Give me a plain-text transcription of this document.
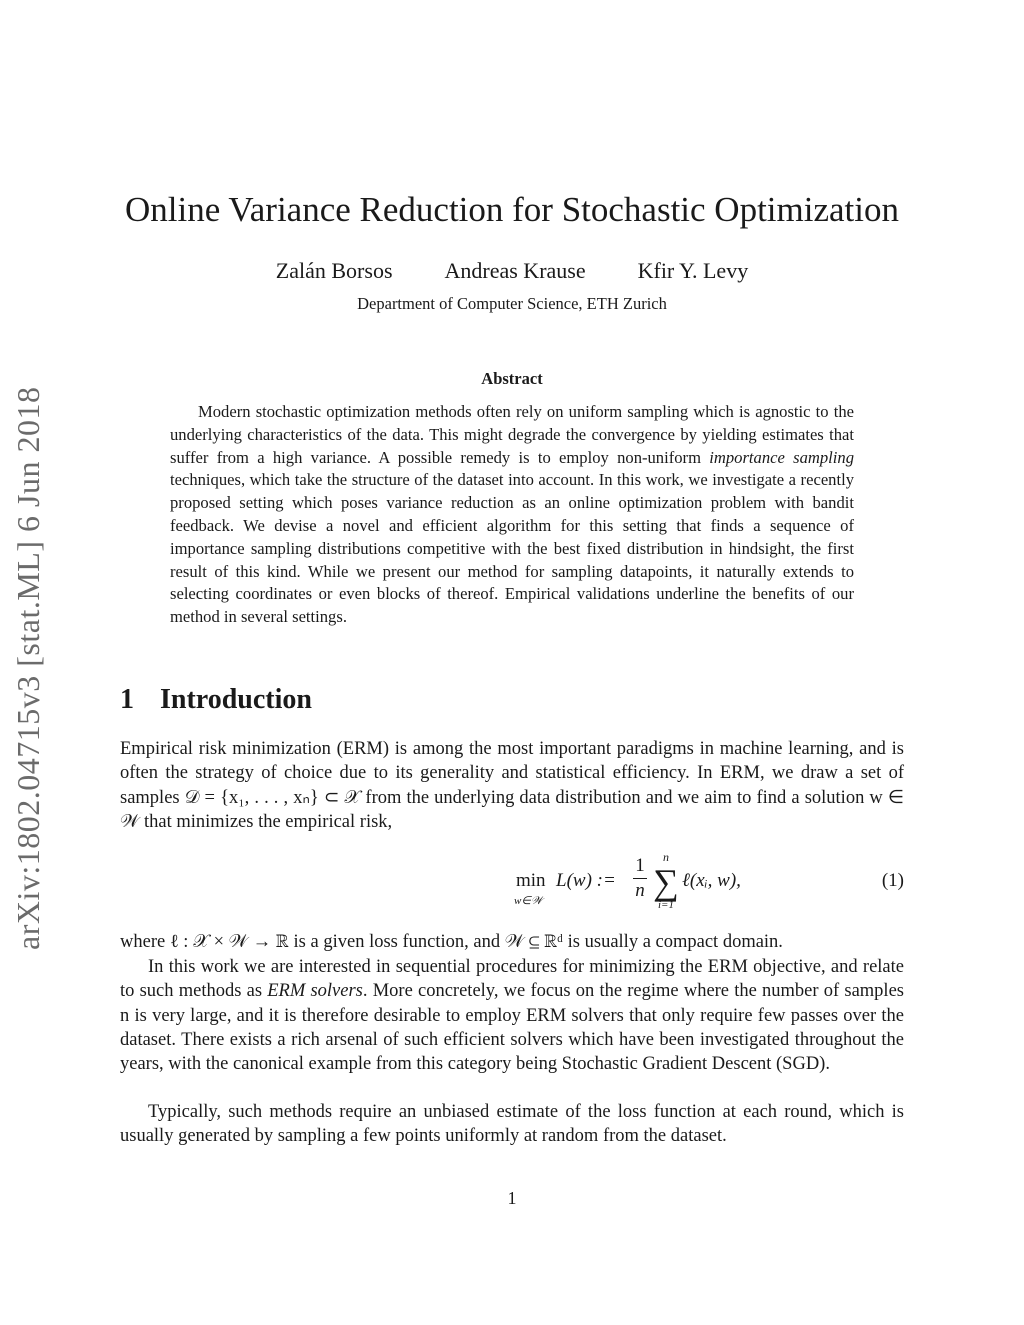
arXiv:1802.04715v3 [stat.ML] 6 Jun 2018
Online Variance Reduction for Stochastic Optimization
Zalán Borsos Andreas Krause Kfir Y. Levy
Department of Computer Science, ETH Zurich
Abstract

Modern stochastic optimization methods often rely on uniform sampling which is agnostic to the underlying characteristics of the data. This might degrade the convergence by yielding estimates that suffer from a high variance. A possible remedy is to employ non-uniform importance sampling techniques, which take the structure of the dataset into account. In this work, we investigate a recently proposed setting which poses variance reduction as an online optimization problem with bandit feedback. We devise a novel and efficient algorithm for this setting that finds a sequence of importance sampling distributions competitive with the best fixed distribution in hindsight, the first result of this kind. While we present our method for sampling datapoints, it naturally extends to selecting coordinates or even blocks of thereof. Empirical validations underline the benefits of our method in several settings.

1 Introduction

Empirical risk minimization (ERM) is among the most important paradigms in machine learning, and is often the strategy of choice due to its generality and statistical efficiency. In ERM, we draw a set of samples 𝒟 = {x₁, . . . , xₙ} ⊂ 𝒳 from the underlying data distribution and we aim to find a solution w ∈ 𝒲 that minimizes the empirical risk,

min
w∈𝒲
L(w) :=
1
n
n
∑
i=1
ℓ(xᵢ, w),	(1)

where ℓ : 𝒳 × 𝒲 → ℝ is a given loss function, and 𝒲 ⊆ ℝᵈ is usually a compact domain.

In this work we are interested in sequential procedures for minimizing the ERM objective, and relate to such methods as ERM solvers. More concretely, we focus on the regime where the number of samples n is very large, and it is therefore desirable to employ ERM solvers that only require few passes over the dataset. There exists a rich arsenal of such efficient solvers which have been investigated throughout the years, with the canonical example from this category being Stochastic Gradient Descent (SGD).

Typically, such methods require an unbiased estimate of the loss function at each round, which is usually generated by sampling a few points uniformly at random from the dataset.

1
